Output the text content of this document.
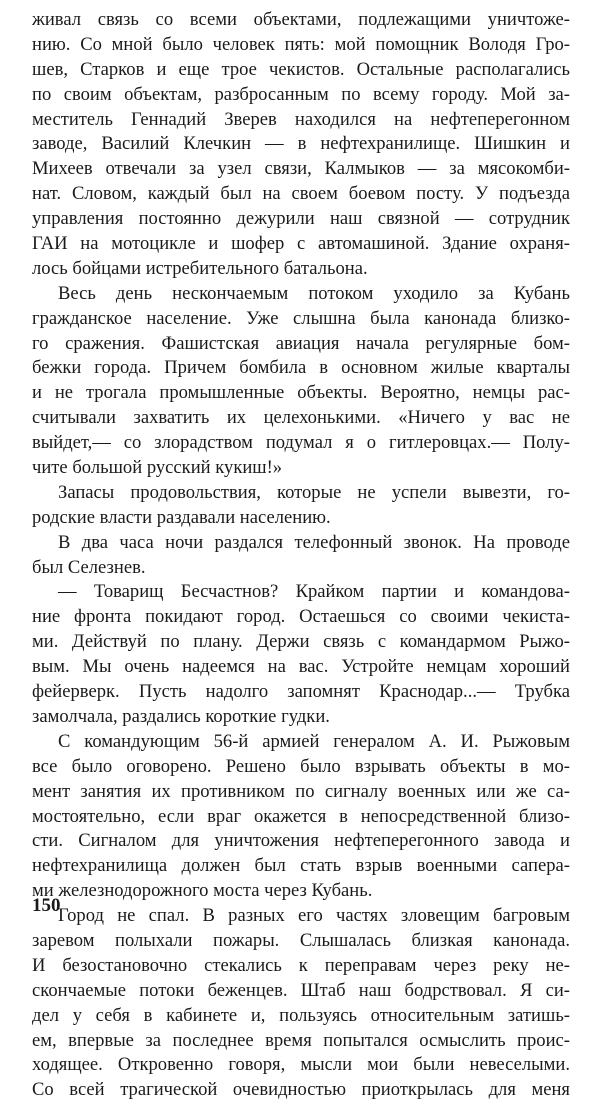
живал связь со всеми объектами, подлежащими уничтоже-
нию. Со мной было человек пять: мой помощник Володя Гро-
шев, Старков и еще трое чекистов. Остальные располагались
по своим объектам, разбросанным по всему городу. Мой за-
меститель Геннадий Зверев находился на нефтеперегонном
заводе, Василий Клечкин — в нефтехранилище. Шишкин и
Михеев отвечали за узел связи, Калмыков — за мясокомби-
нат. Словом, каждый был на своем боевом посту. У подъезда
управления постоянно дежурили наш связной — сотрудник
ГАИ на мотоцикле и шофер с автомашиной. Здание охраня-
лось бойцами истребительного батальона.
Весь день нескончаемым потоком уходило за Кубань
гражданское население. Уже слышна была канонада близко-
го сражения. Фашистская авиация начала регулярные бом-
бежки города. Причем бомбила в основном жилые кварталы
и не трогала промышленные объекты. Вероятно, немцы рас-
считывали захватить их целехонькими. «Ничего у вас не
выйдет,— со злорадством подумал я о гитлеровцах.— Полу-
чите большой русский кукиш!»
Запасы продовольствия, которые не успели вывезти, го-
родские власти раздавали населению.
В два часа ночи раздался телефонный звонок. На проводе
был Селезнев.
— Товарищ Бесчастнов? Крайком партии и командова-
ние фронта покидают город. Остаешься со своими чекиста-
ми. Действуй по плану. Держи связь с командармом Рыжо-
вым. Мы очень надеемся на вас. Устройте немцам хороший
фейерверк. Пусть надолго запомнят Краснодар...— Трубка
замолчала, раздались короткие гудки.
С командующим 56-й армией генералом А. И. Рыжовым
все было оговорено. Решено было взрывать объекты в мо-
мент занятия их противником по сигналу военных или же са-
мостоятельно, если враг окажется в непосредственной близо-
сти. Сигналом для уничтожения нефтеперегонного завода и
нефтехранилища должен был стать взрыв военными сапера-
ми железнодорожного моста через Кубань.
Город не спал. В разных его частях зловещим багровым
заревом полыхали пожары. Слышалась близкая канонада.
И безостановочно стекались к переправам через реку не-
скончаемые потоки беженцев. Штаб наш бодрствовал. Я си-
дел у себя в кабинете и, пользуясь относительным затишь-
ем, впервые за последнее время попытался осмыслить проис-
ходящее. Откровенно говоря, мысли мои были невеселыми.
Со всей трагической очевидностью приоткрылась для меня
150
